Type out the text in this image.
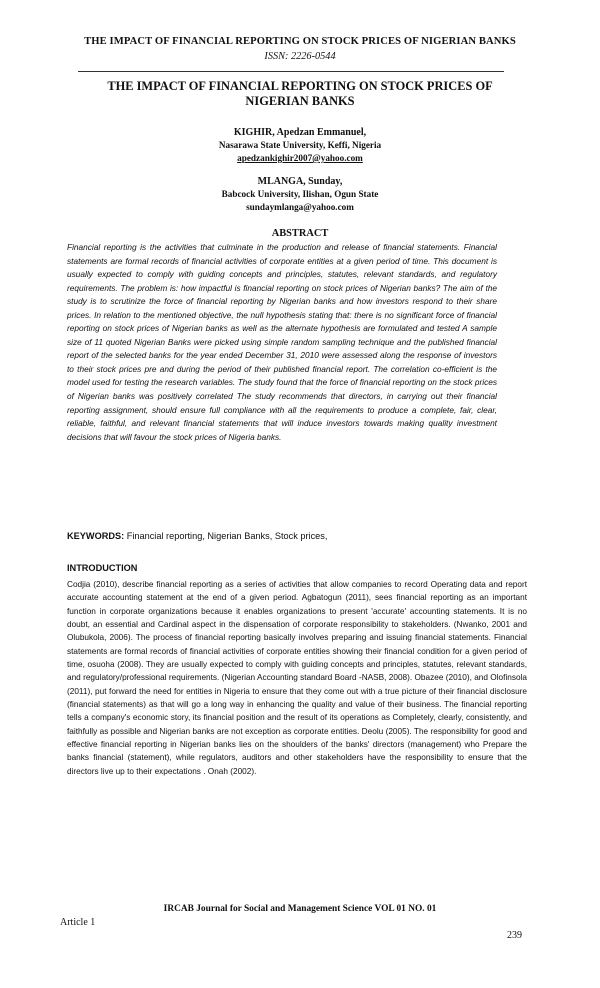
THE IMPACT OF FINANCIAL REPORTING ON STOCK PRICES OF NIGERIAN BANKS
ISSN: 2226-0544
THE IMPACT OF FINANCIAL REPORTING ON STOCK PRICES OF NIGERIAN BANKS
KIGHIR, Apedzan Emmanuel,
Nasarawa State University, Keffi, Nigeria
apedzankighir2007@yahoo.com
MLANGA, Sunday,
Babcock University, Ilishan, Ogun State
sundaymlanga@yahoo.com
ABSTRACT

Financial reporting is the activities that culminate in the production and release of financial statements. Financial statements are formal records of financial activities of corporate entities at a given period of time. This document is usually expected to comply with guiding concepts and principles, statutes, relevant standards, and regulatory requirements. The problem is: how impactful is financial reporting on stock prices of Nigerian banks? The aim of the study is to scrutinize the force of financial reporting by Nigerian banks and how investors respond to their share prices. In relation to the mentioned objective, the null hypothesis stating that: there is no significant force of financial reporting on stock prices of Nigerian banks as well as the alternate hypothesis are formulated and tested A sample size of 11 quoted Nigerian Banks were picked using simple random sampling technique and the published financial report of the selected banks for the year ended December 31, 2010 were assessed along the response of investors to their stock prices pre and during the period of their published financial report. The correlation co-efficient is the model used for testing the research variables. The study found that the force of financial reporting on the stock prices of Nigerian banks was positively correlated The study recommends that directors, in carrying out their financial reporting assignment, should ensure full compliance with all the requirements to produce a complete, fair, clear, reliable, faithful, and relevant financial statements that will induce investors towards making quality investment decisions that will favour the stock prices of Nigeria banks.

KEYWORDS: Financial reporting, Nigerian Banks, Stock prices,
INTRODUCTION

Codjia (2010), describe financial reporting as a series of activities that allow companies to record Operating data and report accurate accounting statement at the end of a given period. Agbatogun (2011), sees financial reporting as an important function in corporate organizations because it enables organizations to present 'accurate' accounting statements. It is no doubt, an essential and Cardinal aspect in the dispensation of corporate responsibility to stakeholders. (Nwanko, 2001 and Olubukola, 2006). The process of financial reporting basically involves preparing and issuing financial statements. Financial statements are formal records of financial activities of corporate entities showing their financial condition for a given period of time, osuoha (2008). They are usually expected to comply with guiding concepts and principles, statutes, relevant standards, and regulatory/professional requirements. (Nigerian Accounting standard Board -NASB, 2008). Obazee (2010), and Olofinsola (2011), put forward the need for entities in Nigeria to ensure that they come out with a true picture of their financial disclosure (financial statements) as that will go a long way in enhancing the quality and value of their business. The financial reporting tells a company's economic story, its financial position and the result of its operations as Completely, clearly, consistently, and faithfully as possible and Nigerian banks are not exception as corporate entities. Deolu (2005). The responsibility for good and effective financial reporting in Nigerian banks lies on the shoulders of the banks' directors (management) who Prepare the banks financial (statement), while regulators, auditors and other stakeholders have the responsibility to ensure that the directors live up to their expectations . Onah (2002).

IRCAB Journal for Social and Management Science VOL 01 NO. 01
Article 1
239
